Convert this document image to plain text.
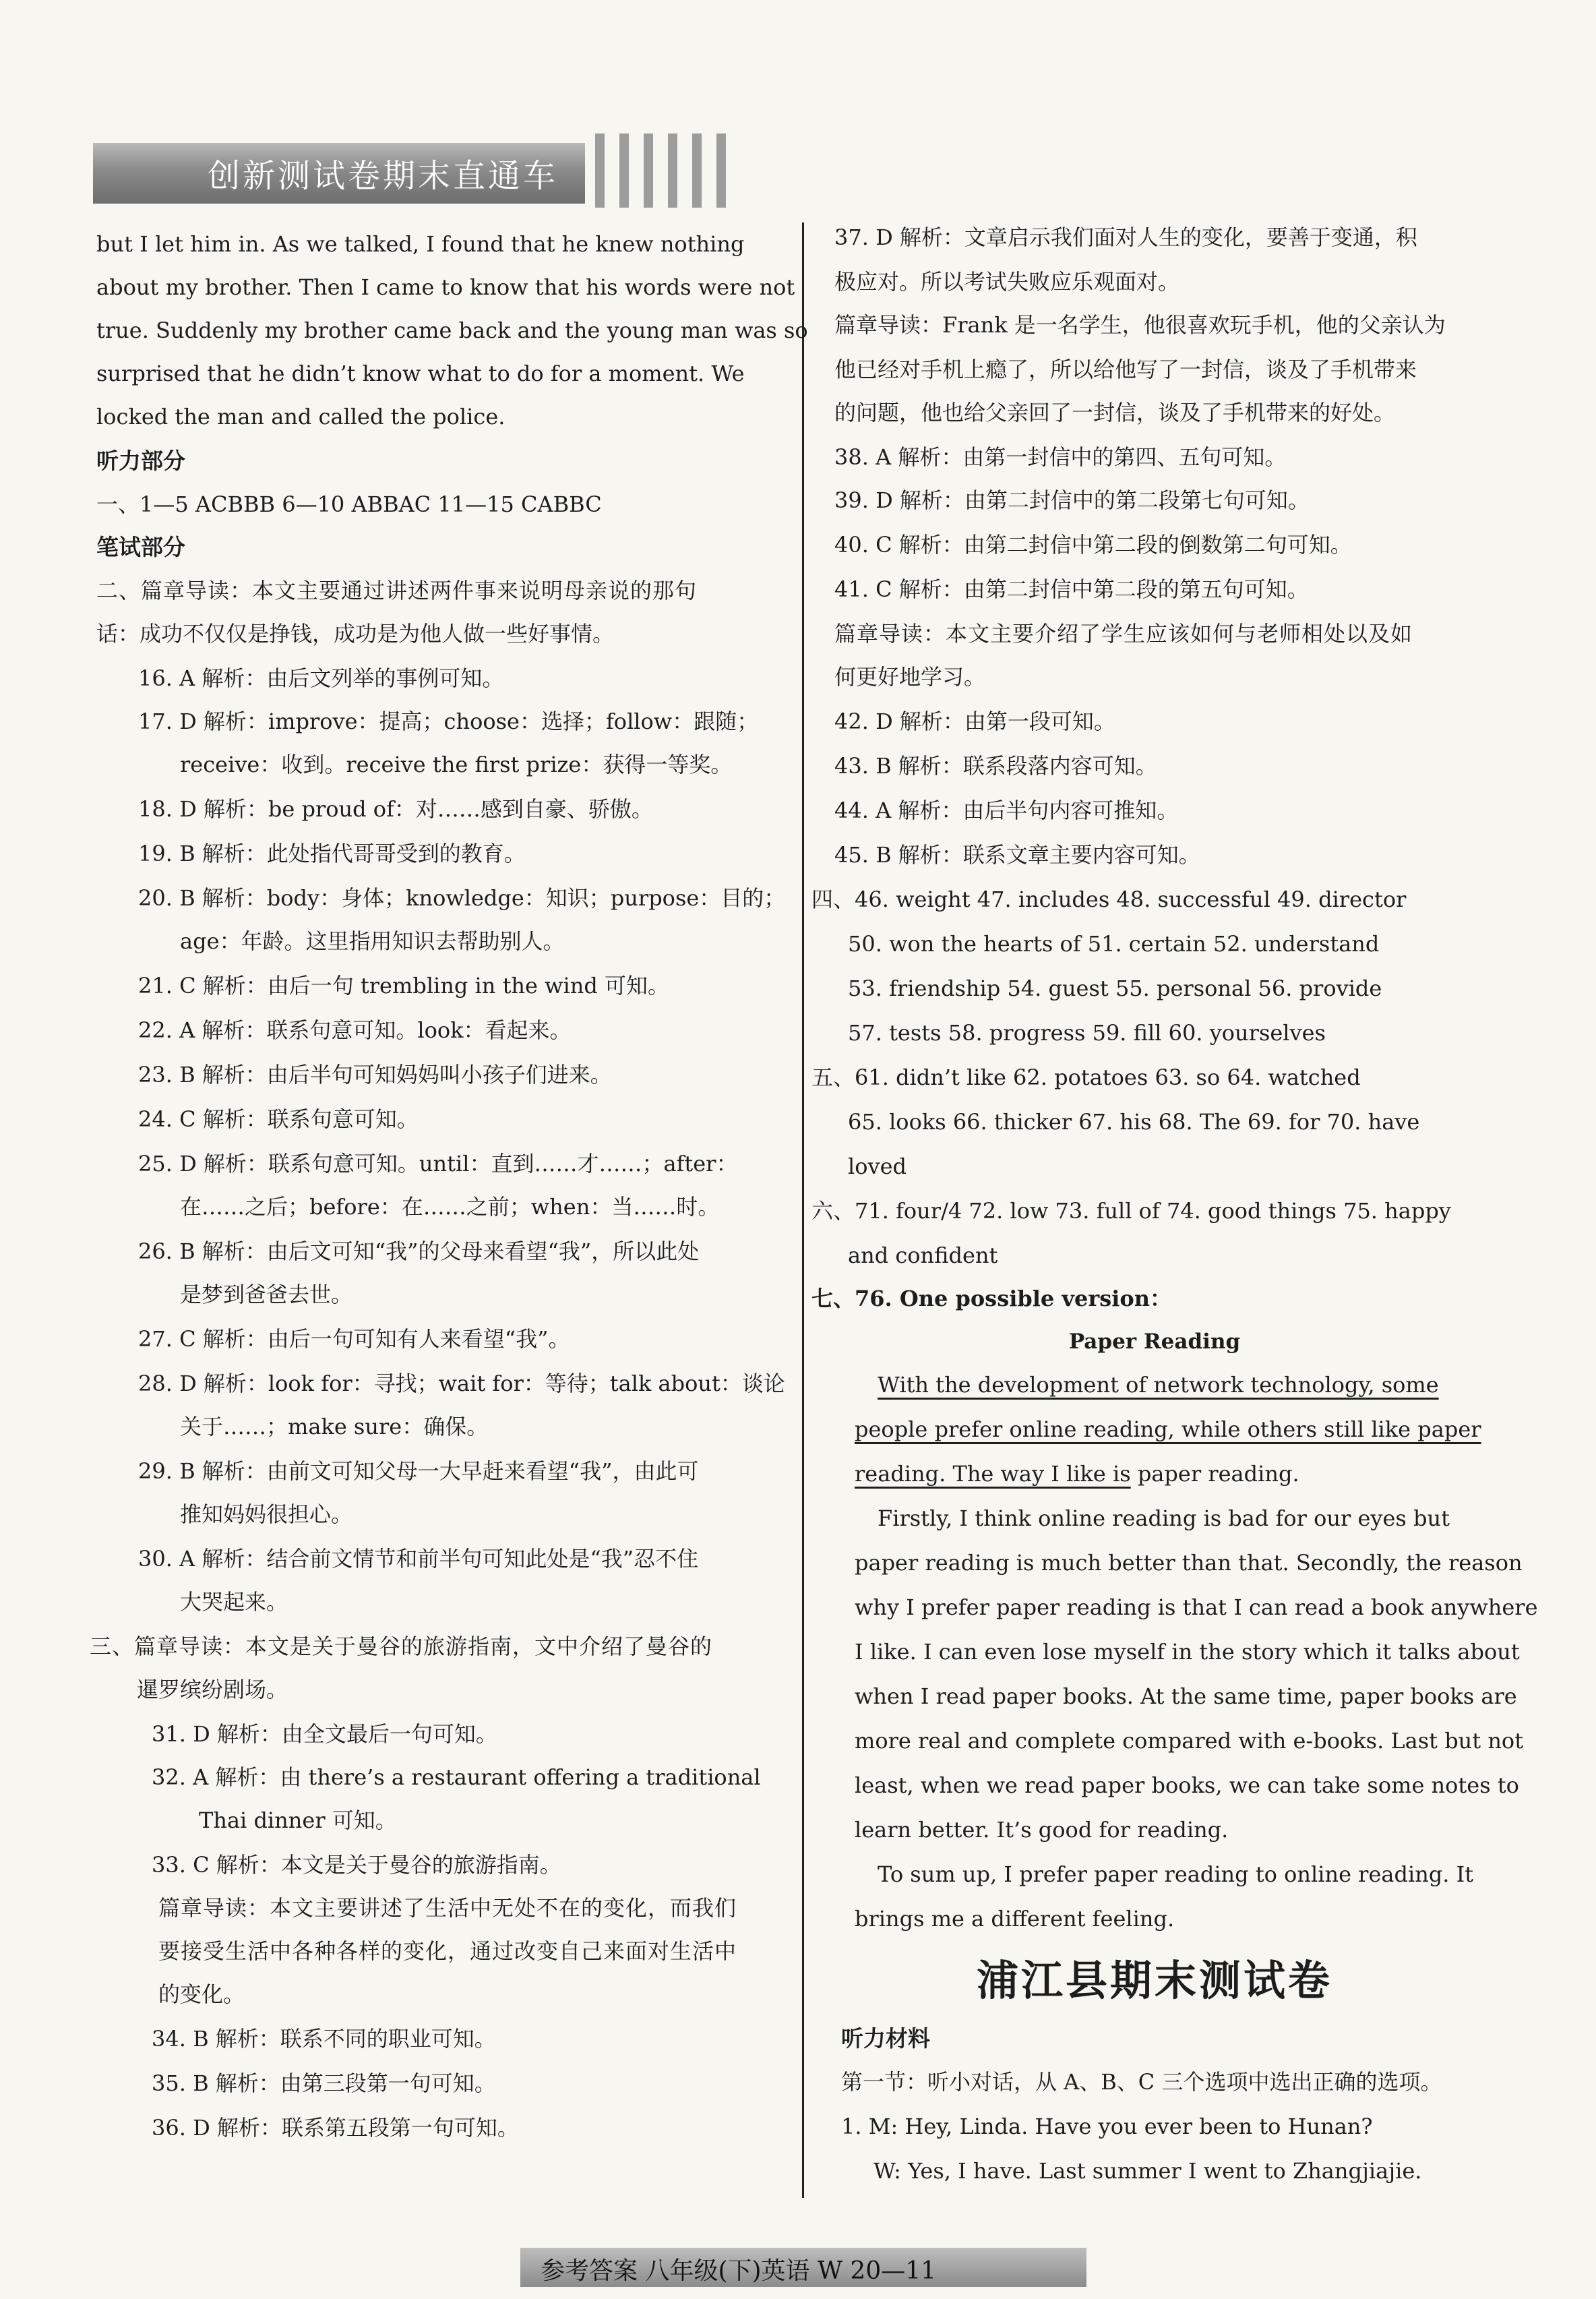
创新测试卷期末直通车
but I let him in. As we talked, I found that he knew nothing
about my brother. Then I came to know that his words were not
true. Suddenly my brother came back and the young man was so
surprised that he didn’t know what to do for a moment. We
locked the man and called the police.
听力部分
一、1—5 ACBBB 6—10 ABBAC 11—15 CABBC
笔试部分
二、篇章导读：本文主要通过讲述两件事来说明母亲说的那句
话：成功不仅仅是挣钱，成功是为他人做一些好事情。
16. A 解析：由后文列举的事例可知。
17. D 解析：improve：提高；choose：选择；follow：跟随；
receive：收到。receive the first prize：获得一等奖。
18. D 解析：be proud of：对……感到自豪、骄傲。
19. B 解析：此处指代哥哥受到的教育。
20. B 解析：body：身体；knowledge：知识；purpose：目的；
age：年龄。这里指用知识去帮助别人。
21. C 解析：由后一句 trembling in the wind 可知。
22. A 解析：联系句意可知。look：看起来。
23. B 解析：由后半句可知妈妈叫小孩子们进来。
24. C 解析：联系句意可知。
25. D 解析：联系句意可知。until：直到……才……；after：
在……之后；before：在……之前；when：当……时。
26. B 解析：由后文可知“我”的父母来看望“我”，所以此处
是梦到爸爸去世。
27. C 解析：由后一句可知有人来看望“我”。
28. D 解析：look for：寻找；wait for：等待；talk about：谈论
关于……；make sure：确保。
29. B 解析：由前文可知父母一大早赶来看望“我”，由此可
推知妈妈很担心。
30. A 解析：结合前文情节和前半句可知此处是“我”忍不住
大哭起来。
三、篇章导读：本文是关于曼谷的旅游指南，文中介绍了曼谷的
暹罗缤纷剧场。
31. D 解析：由全文最后一句可知。
32. A 解析：由 there’s a restaurant offering a traditional
Thai dinner 可知。
33. C 解析：本文是关于曼谷的旅游指南。
篇章导读：本文主要讲述了生活中无处不在的变化，而我们
要接受生活中各种各样的变化，通过改变自己来面对生活中
的变化。
34. B 解析：联系不同的职业可知。
35. B 解析：由第三段第一句可知。
36. D 解析：联系第五段第一句可知。
37. D 解析：文章启示我们面对人生的变化，要善于变通，积
极应对。所以考试失败应乐观面对。
篇章导读：Frank 是一名学生，他很喜欢玩手机，他的父亲认为
他已经对手机上瘾了，所以给他写了一封信，谈及了手机带来
的问题，他也给父亲回了一封信，谈及了手机带来的好处。
38. A 解析：由第一封信中的第四、五句可知。
39. D 解析：由第二封信中的第二段第七句可知。
40. C 解析：由第二封信中第二段的倒数第二句可知。
41. C 解析：由第二封信中第二段的第五句可知。
篇章导读：本文主要介绍了学生应该如何与老师相处以及如
何更好地学习。
42. D 解析：由第一段可知。
43. B 解析：联系段落内容可知。
44. A 解析：由后半句内容可推知。
45. B 解析：联系文章主要内容可知。
四、46. weight 47. includes 48. successful 49. director
50. won the hearts of 51. certain 52. understand
53. friendship 54. guest 55. personal 56. provide
57. tests 58. progress 59. fill 60. yourselves
五、61. didn’t like 62. potatoes 63. so 64. watched
65. looks 66. thicker 67. his 68. The 69. for 70. have
loved
六、71. four/4 72. low 73. full of 74. good things 75. happy
and confident
七、76. One possible version：
Paper Reading
With the development of network technology, some
people prefer online reading, while others still like paper
reading. The way I like is paper reading.
Firstly, I think online reading is bad for our eyes but
paper reading is much better than that. Secondly, the reason
why I prefer paper reading is that I can read a book anywhere
I like. I can even lose myself in the story which it talks about
when I read paper books. At the same time, paper books are
more real and complete compared with e-books. Last but not
least, when we read paper books, we can take some notes to
learn better. It’s good for reading.
To sum up, I prefer paper reading to online reading. It
brings me a different feeling.
浦江县期末测试卷
听力材料
第一节：听小对话，从 A、B、C 三个选项中选出正确的选项。
1. M: Hey, Linda. Have you ever been to Hunan?
W: Yes, I have. Last summer I went to Zhangjiajie.
参考答案 八年级(下)英语 W 20—11
